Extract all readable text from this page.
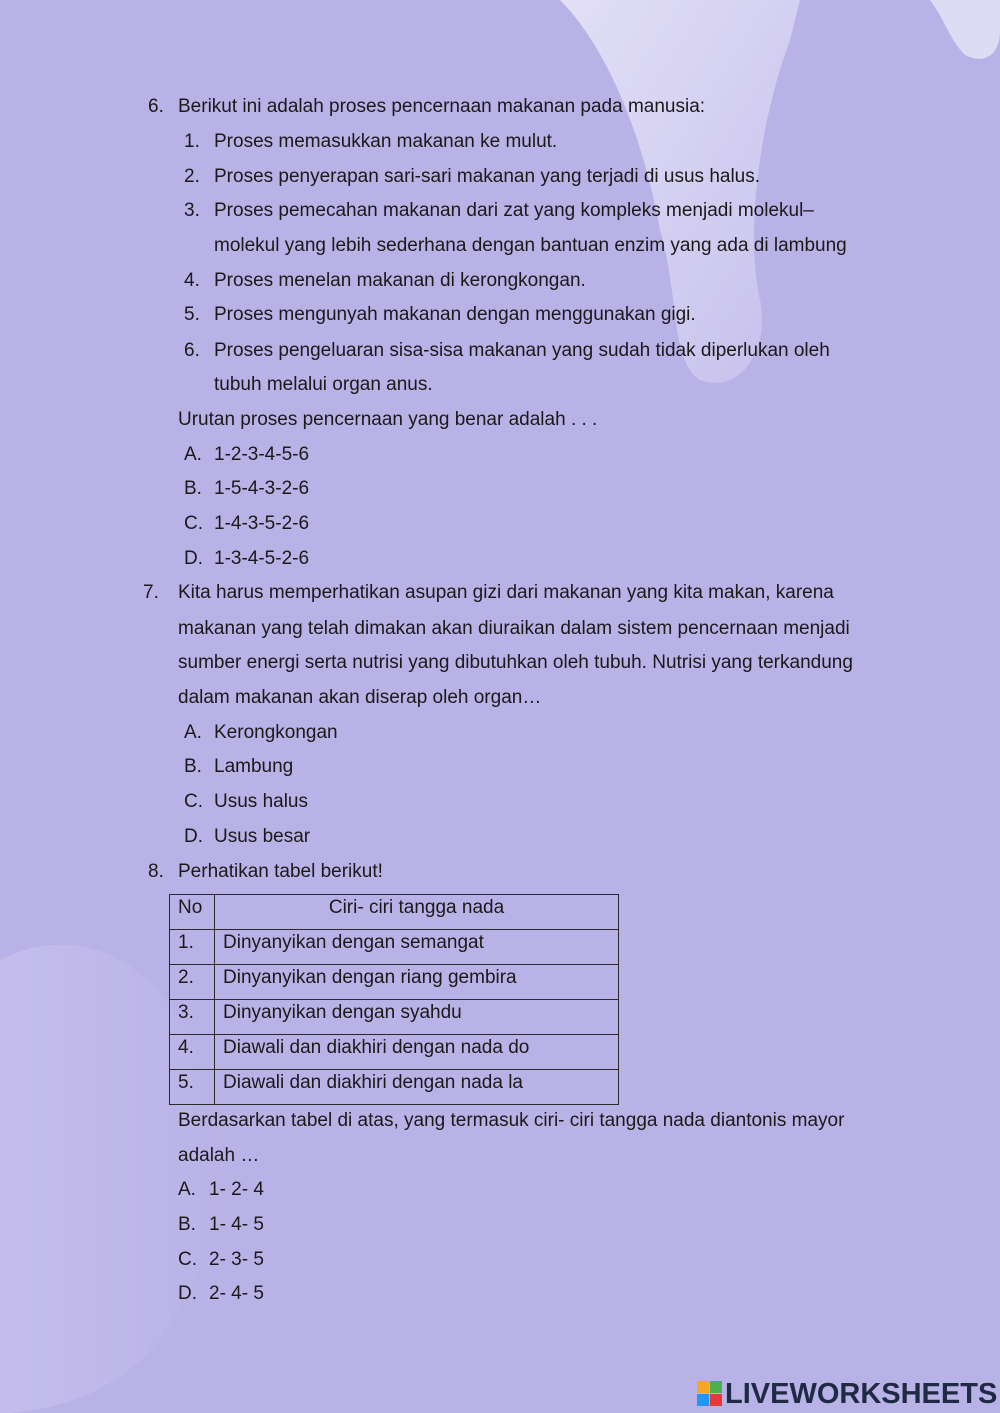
6. Berikut ini adalah proses pencernaan makanan pada manusia:
1. Proses memasukkan makanan ke mulut.
2. Proses penyerapan sari-sari makanan yang terjadi di usus halus.
3. Proses pemecahan makanan dari zat yang kompleks menjadi molekul–
molekul yang lebih sederhana dengan bantuan enzim yang ada di lambung
4. Proses menelan makanan di kerongkongan.
5. Proses mengunyah makanan dengan menggunakan gigi.
6. Proses pengeluaran sisa-sisa makanan yang sudah tidak diperlukan oleh
tubuh melalui organ anus.
Urutan proses pencernaan yang benar adalah . . .
A. 1-2-3-4-5-6
B. 1-5-4-3-2-6
C. 1-4-3-5-2-6
D. 1-3-4-5-2-6
7. Kita harus memperhatikan asupan gizi dari makanan yang kita makan, karena
makanan yang telah dimakan akan diuraikan dalam sistem pencernaan menjadi
sumber energi serta nutrisi yang dibutuhkan oleh tubuh. Nutrisi yang terkandung
dalam makanan akan diserap oleh organ…
A. Kerongkongan
B. Lambung
C. Usus halus
D. Usus besar
8. Perhatikan tabel berikut!
No	Ciri- ciri tangga nada
1.	Dinyanyikan dengan semangat
2.	Dinyanyikan dengan riang gembira
3.	Dinyanyikan dengan syahdu
4.	Diawali dan diakhiri dengan nada do
5.	Diawali dan diakhiri dengan nada la
Berdasarkan tabel di atas, yang termasuk ciri- ciri tangga nada diantonis mayor
adalah …
A. 1- 2- 4
B. 1- 4- 5
C. 2- 3- 5
D. 2- 4- 5
LIVEWORKSHEETS
